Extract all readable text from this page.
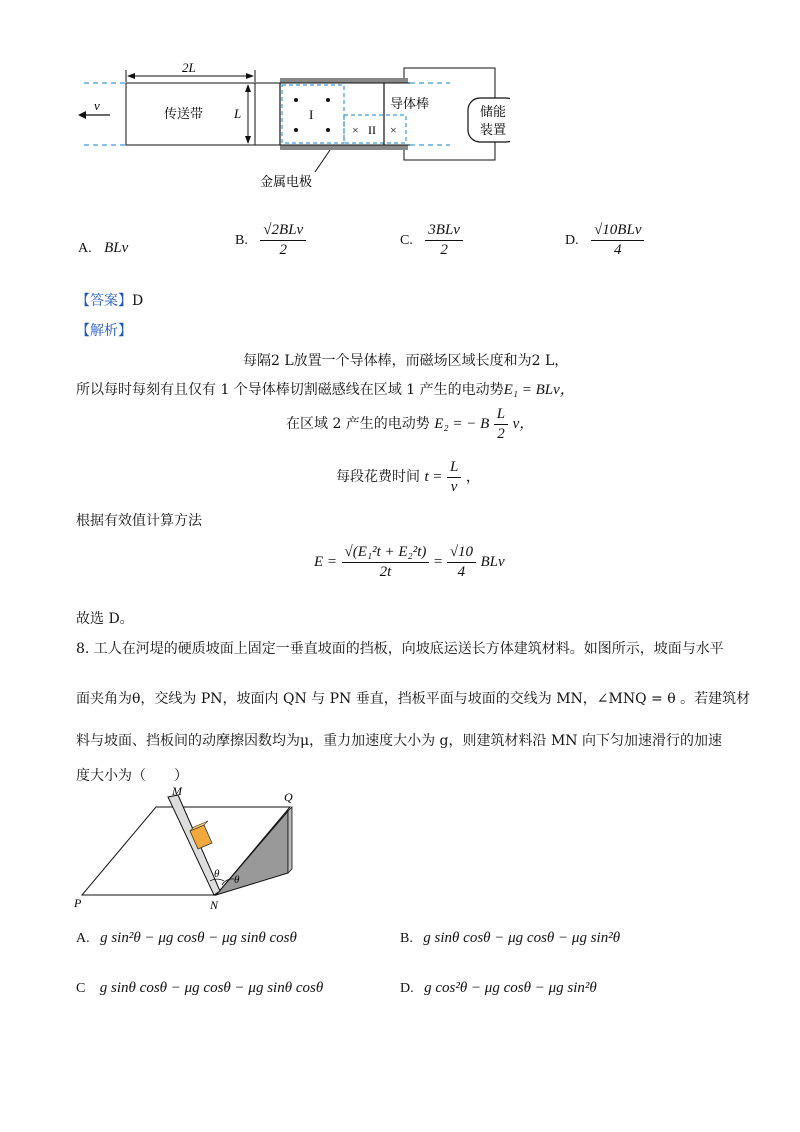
v
2L
传送带 L	I
× II ×
导体棒
储能
装置
金属电极
A. BLv	B. $\frac{\text{√2BLv}}{2}$	C. $\frac{\text{3BLv}}{2}$	D. $\frac{\text{√10BLv}}{4}$
【答案】D
【解析】
每隔2 L放置一个导体棒，而磁场区域长度和为2 L，
所以每时每刻有且仅有 1 个导体棒切割磁感线在区域 1 产生的电动势E₁ = BLv，
在区域 2 产生的电动势 E₂ = − B $\frac{L}{2}$ v，
每段花费时间 $t = \frac{L}{v}$ ，
根据有效值计算方法
$E = \frac{\text{√(E₁²t + E₂²t)}}{2t} = \frac{√10}{4}$ BLv
故选 D。
8. 工人在河堤的硬质坡面上固定一垂直坡面的挡板，向坡底运送长方体建筑材料。如图所示，坡面与水平
面夹角为θ，交线为 PN，坡面内 QN 与 PN 垂直，挡板平面与坡面的交线为 MN，∠MNQ = θ 。若建筑材
料与坡面、挡板间的动摩擦因数均为μ，重力加速度大小为 g，则建筑材料沿 MN 向下匀加速滑行的加速
度大小为（　　）
M	Q
P	N
θ θ
A. g sin²θ − μg cosθ − μg sinθ cosθ	B. g sinθ cosθ − μg cosθ − μg sin²θ
C g sinθ cosθ − μg cosθ − μg sinθ cosθ	D. g cos²θ − μg cosθ − μg sin²θ
